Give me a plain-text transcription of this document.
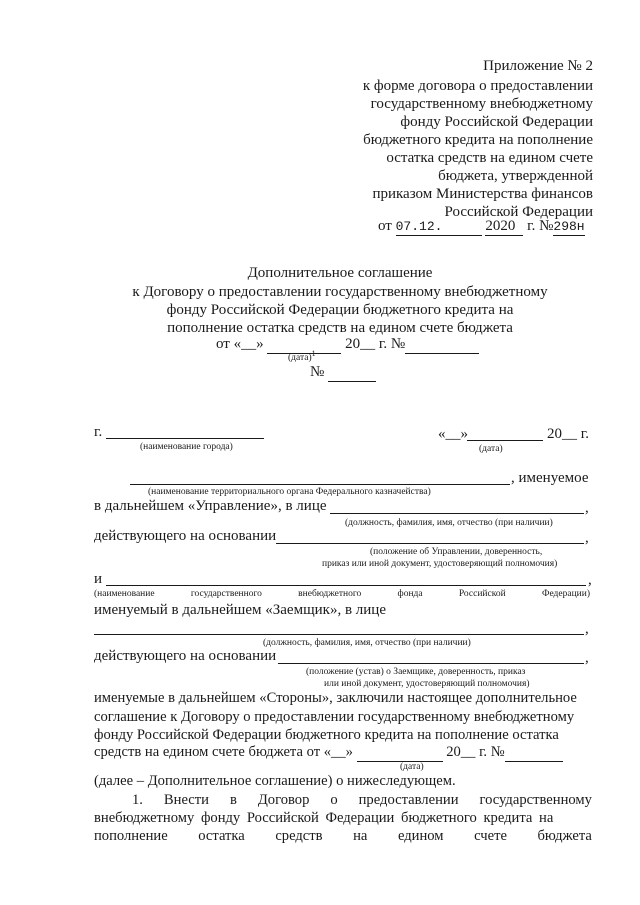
Приложение № 2
к форме договора о предоставлении
государственному внебюджетному
фонду Российской Федерации
бюджетного кредита на пополнение
остатка средств на едином счете
бюджета, утвержденной
приказом Министерства финансов
Российской Федерации
от 07.12.	2020 г. №298н
Дополнительное соглашение
к Договору о предоставлении государственному внебюджетному
фонду Российской Федерации бюджетного кредита на
пополнение остатка средств на едином счете бюджета
от «__»	20__ г. №
(дата)$^1$
№
г.
(наименование города)
«__»	20__ г.
(дата)
, именуемое
(наименование территориального органа Федерального казначейства)
в дальнейшем «Управление», в лице	,
(должность, фамилия, имя, отчество (при наличии)
действующего на основании	,
(положение об Управлении, доверенность,
приказ или иной документ, удостоверяющий полномочия)
и	,
(наименование	государственного	внебюджетного	фонда	Российской	Федерации)
именуемый в дальнейшем «Заемщик», в лице
,
(должность, фамилия, имя, отчество (при наличии)
действующего на основании	,
(положение (устав) о Заемщике, доверенность, приказ
или иной документ, удостоверяющий полномочия)
именуемые в дальнейшем «Стороны», заключили настоящее дополнительное
соглашение к Договору о предоставлении государственному внебюджетному
фонду Российской Федерации бюджетного кредита на пополнение остатка
средств на едином счете бюджета от «__»	20__ г. №
(дата)
(далее – Дополнительное соглашение) о нижеследующем.
1. Внести в Договор о предоставлении государственному
внебюджетному фонду Российской Федерации бюджетного кредита на
пополнение остатка средств на едином счете бюджета
